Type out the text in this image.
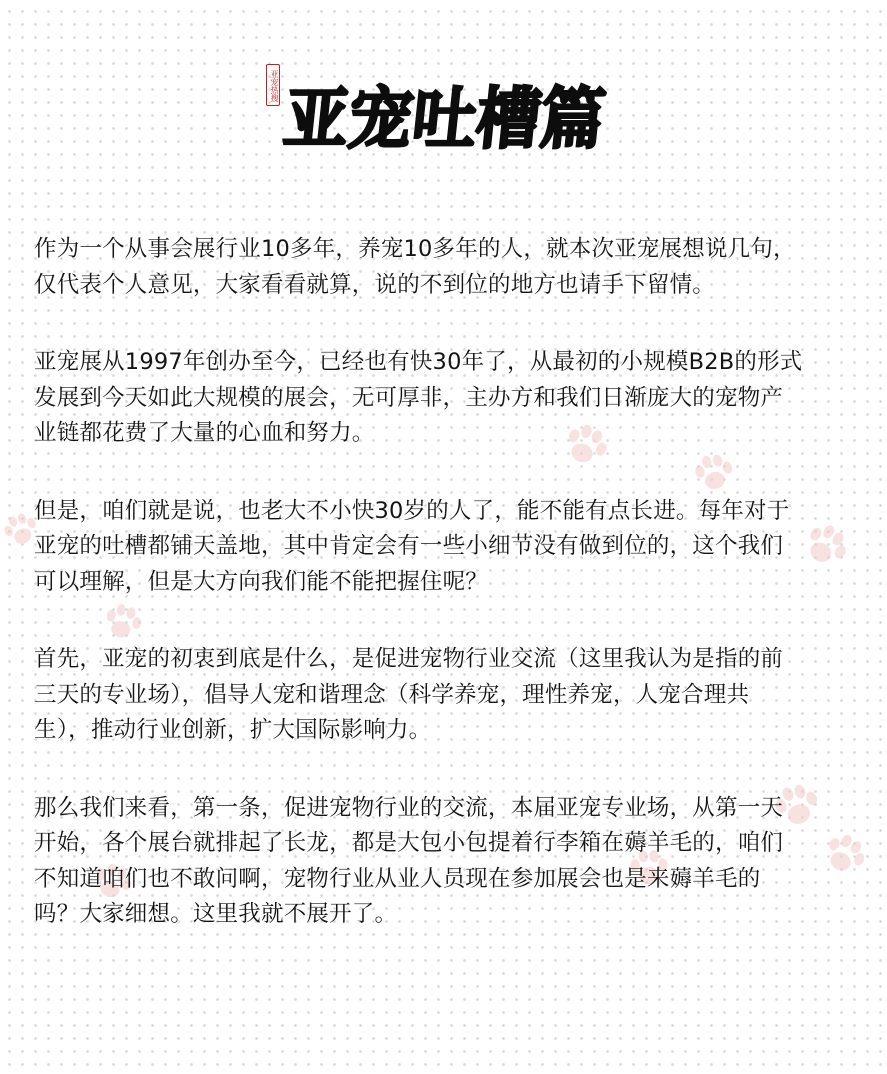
亚宠热搜 亚宠吐槽篇

作为一个从事会展行业10多年，养宠10多年的人，就本次亚宠展想说几句，
仅代表个人意见，大家看看就算，说的不到位的地方也请手下留情。

亚宠展从1997年创办至今，已经也有快30年了，从最初的小规模B2B的形式
发展到今天如此大规模的展会，无可厚非，主办方和我们日渐庞大的宠物产
业链都花费了大量的心血和努力。

但是，咱们就是说，也老大不小快30岁的人了，能不能有点长进。每年对于
亚宠的吐槽都铺天盖地，其中肯定会有一些小细节没有做到位的，这个我们
可以理解，但是大方向我们能不能把握住呢？

首先，亚宠的初衷到底是什么，是促进宠物行业交流（这里我认为是指的前
三天的专业场），倡导人宠和谐理念（科学养宠，理性养宠，人宠合理共
生），推动行业创新，扩大国际影响力。

那么我们来看，第一条，促进宠物行业的交流，本届亚宠专业场，从第一天
开始，各个展台就排起了长龙，都是大包小包提着行李箱在薅羊毛的，咱们
不知道咱们也不敢问啊，宠物行业从业人员现在参加展会也是来薅羊毛的
吗？大家细想。这里我就不展开了。
